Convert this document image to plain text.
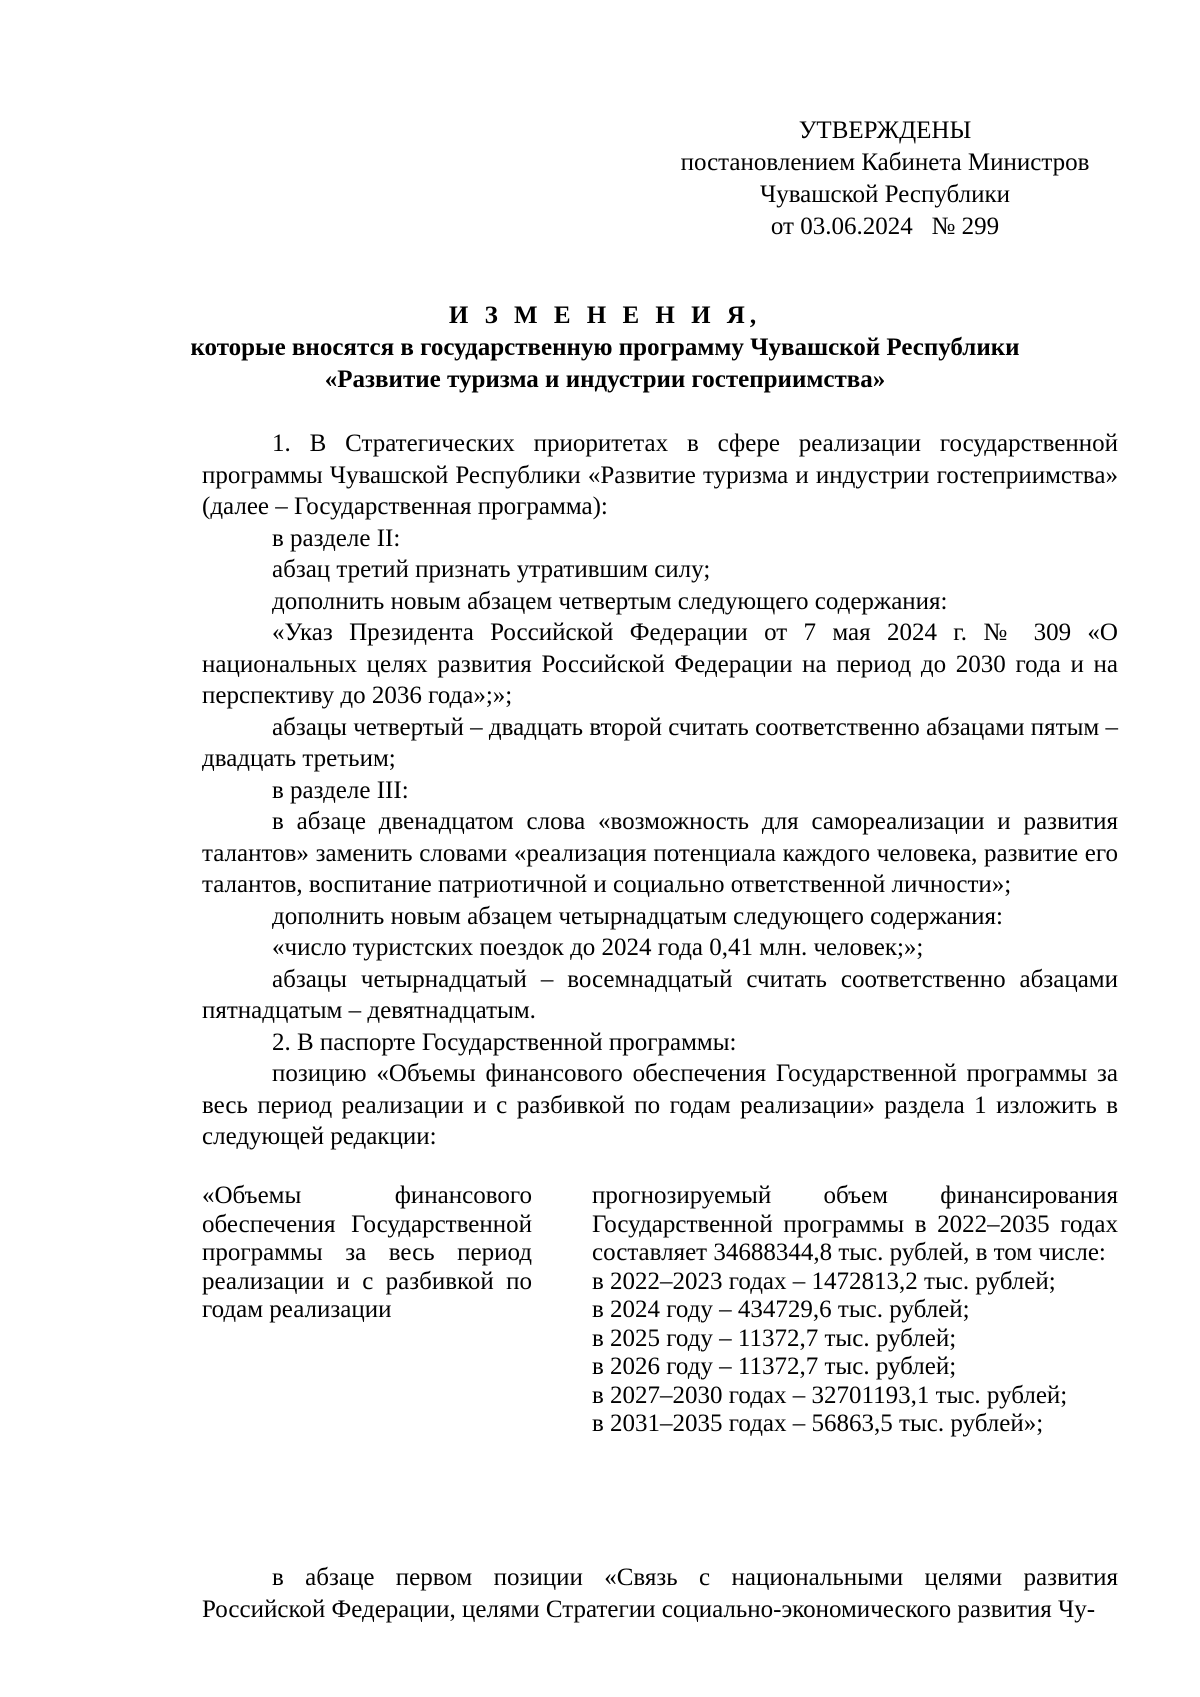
УТВЕРЖДЕНЫ
постановлением Кабинета Министров
Чувашской Республики
от 03.06.2024   № 299
И З М Е Н Е Н И Я,
которые вносятся в государственную программу Чувашской Республики
«Развитие туризма и индустрии гостеприимства»

1. В Стратегических приоритетах в сфере реализации государственной программы Чувашской Республики «Развитие туризма и индустрии гостеприимства» (далее – Государственная программа):

в разделе II:

абзац третий признать утратившим силу;

дополнить новым абзацем четвертым следующего содержания:

«Указ Президента Российской Федерации от 7 мая 2024 г. № 309 «О национальных целях развития Российской Федерации на период до 2030 года и на перспективу до 2036 года»;»;

абзацы четвертый – двадцать второй считать соответственно абзацами пятым – двадцать третьим;

в разделе III:

в абзаце двенадцатом слова «возможность для самореализации и развития талантов» заменить словами «реализация потенциала каждого человека, развитие его талантов, воспитание патриотичной и социально ответственной личности»;

дополнить новым абзацем четырнадцатым следующего содержания:

«число туристских поездок до 2024 года 0,41 млн. человек;»;

абзацы четырнадцатый – восемнадцатый считать соответственно абзацами пятнадцатым – девятнадцатым.

2. В паспорте Государственной программы:

позицию «Объемы финансового обеспечения Государственной программы за весь период реализации и с разбивкой по годам реализации» раздела 1 изложить в следующей редакции:

«Объемы финансового обеспечения Государственной программы за весь период реализации и с разбивкой по годам реализации
прогнозируемый объем финансирования Государственной программы в 2022–2035 годах составляет 34688344,8 тыс. рублей, в том числе:
в 2022–2023 годах – 1472813,2 тыс. рублей;
в 2024 году – 434729,6 тыс. рублей;
в 2025 году – 11372,7 тыс. рублей;
в 2026 году – 11372,7 тыс. рублей;
в 2027–2030 годах – 32701193,1 тыс. рублей;
в 2031–2035 годах – 56863,5 тыс. рублей»;

в абзаце первом позиции «Связь с национальными целями развития Российской Федерации, целями Стратегии социально-экономического развития Чу-
